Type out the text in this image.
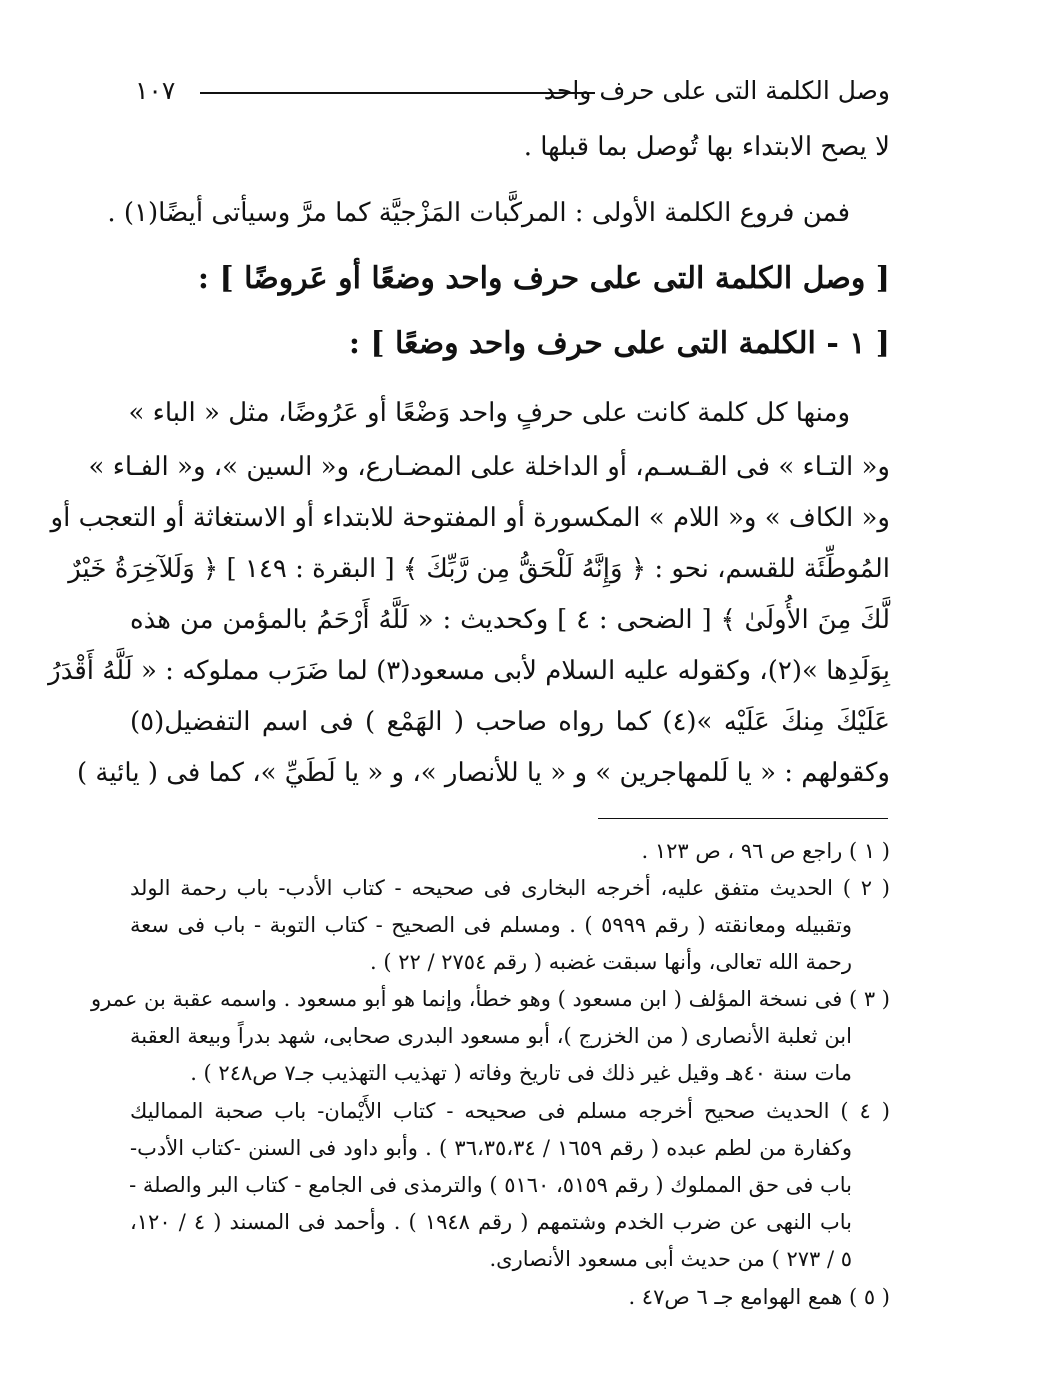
وصل الكلمة التى على حرف واحد
١٠٧
لا يصح الابتداء بها تُوصل بما قبلها .
فمن فروع الكلمة الأولى : المركَّبات المَزْجيَّة كما مرَّ وسيأتى أيضًا(١) .
[ وصل الكلمة التى على حرف واحد وضعًا أو عَروضًا ] :
[ ١ - الكلمة التى على حرف واحد وضعًا ] :
ومنها كل كلمة كانت على حرفٍ واحد وَضْعًا أو عَرُوضًا، مثل « الباء »
و« التـاء » فى القـسـم، أو الداخلة على المضـارع، و« السين »، و« الفـاء »
و« الكاف » و« اللام » المكسورة أو المفتوحة للابتداء أو الاستغاثة أو التعجب أو
المُوطِّئَة للقسم، نحو : ﴿ وَإِنَّهُ لَلْحَقُّ مِن رَّبِّكَ ﴾ [ البقرة : ١٤٩ ] ﴿ وَلَلآخِرَةُ خَيْرٌ
لَّكَ مِنَ الأُولَىٰ ﴾ [ الضحى : ٤ ] وكحديث : « لَلَّهُ أَرْحَمُ بالمؤمن من هذه
بِوَلَدِها »(٢)، وكقوله عليه السلام لأبى مسعود(٣) لما ضَرَب مملوكه : « لَلَّهُ أَقْدَرُ
عَلَيْكَ مِنكَ عَلَيْه »(٤) كما رواه صاحب ( الهَمْع ) فى اسم التفضيل(٥)
وكقولهم : « يا لَلمهاجرين » و « يا للأنصار »، و « يا لَطَيِّ »، كما فى ( يائية )
( ١ ) راجع ص ٩٦ ، ص ١٢٣ .
( ٢ ) الحديث متفق عليه، أخرجه البخارى فى صحيحه - كتاب الأدب- باب رحمة الولد
وتقبيله ومعانقته ( رقم ٥٩٩٩ ) . ومسلم فى الصحيح - كتاب التوبة - باب فى سعة
رحمة الله تعالى، وأنها سبقت غضبه ( رقم ٢٧٥٤ / ٢٢ ) .
( ٣ ) فى نسخة المؤلف ( ابن مسعود ) وهو خطأ، وإنما هو أبو مسعود . واسمه عقبة بن عمرو
ابن ثعلبة الأنصارى ( من الخزرج )، أبو مسعود البدرى صحابى، شهد بدراً وبيعة العقبة
مات سنة ٤٠هـ وقيل غير ذلك فى تاريخ وفاته ( تهذيب التهذيب جـ٧ ص٢٤٨ ) .
( ٤ ) الحديث صحيح أخرجه مسلم فى صحيحه - كتاب الأَيْمان- باب صحبة المماليك
وكفارة من لطم عبده ( رقم ١٦٥٩ / ٣٦،٣٥،٣٤ ) . وأبو داود فى السنن -كتاب الأدب-
باب فى حق المملوك ( رقم ٥١٥٩، ٥١٦٠ ) والترمذى فى الجامع - كتاب البر والصلة -
باب النهى عن ضرب الخدم وشتمهم ( رقم ١٩٤٨ ) . وأحمد فى المسند ( ٤ / ١٢٠،
٥ / ٢٧٣ ) من حديث أبى مسعود الأنصارى.
( ٥ ) همع الهوامع جـ ٦ ص٤٧ .
